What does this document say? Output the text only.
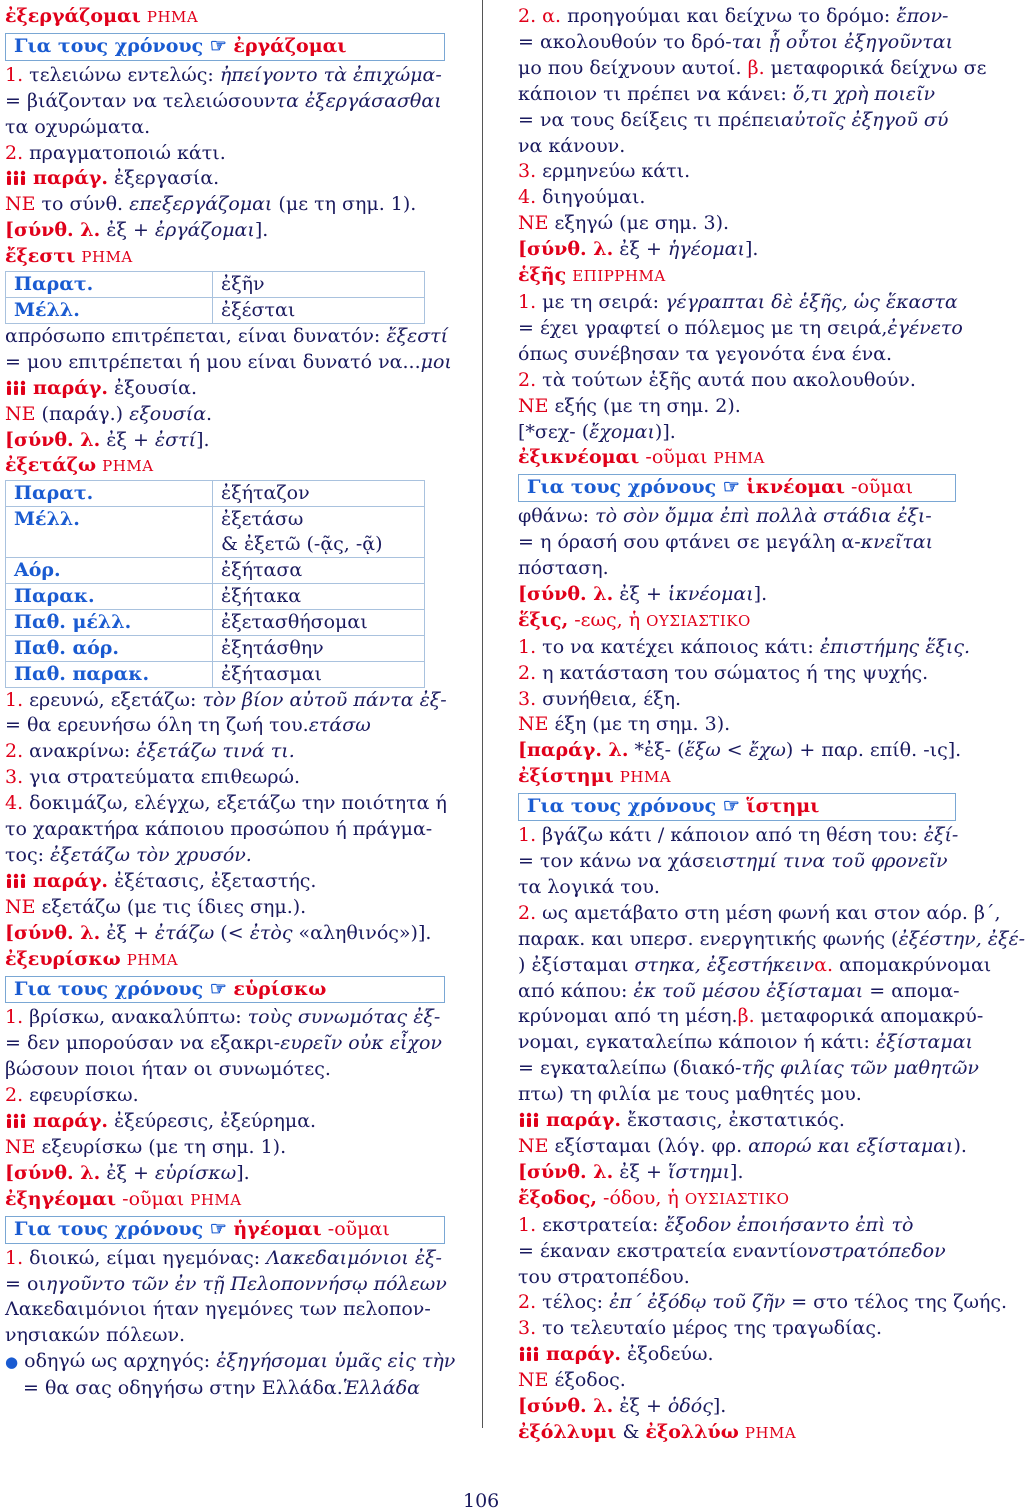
ἐξεργάζομαι ΡΗΜΑ
Για τους χρόνους ☞ ἐργάζομαι
1. τελειώνω εντελώς: ἠπείγοντο τὰ ἐπιχώμα-
= βιάζονταν να τελειώσουντα ἐξεργάσασθαι
τα οχυρώματα.
2. πραγματοποιώ κάτι.
παράγ. ἐξεργασία.
ΝΕ το σύνθ. επεξεργάζομαι (με τη σημ. 1).
[σύνθ. λ. ἐξ + ἐργάζομαι].
ἔξεστι ΡΗΜΑ
Παρατ.	ἐξῆν
Μέλλ.	ἐξέσται
απρόσωπο επιτρέπεται, είναι δυνατόν: ἔξεστί
= μου επιτρέπεται ή μου είναι δυνατό να...μοι
παράγ. ἐξουσία.
ΝΕ (παράγ.) εξουσία.
[σύνθ. λ. ἐξ + ἐστί].
ἐξετάζω ΡΗΜΑ
Παρατ.	ἐξήταζον
Μέλλ.	ἐξετάσω
& ἐξετῶ (-ᾷς, -ᾷ)
Αόρ.	ἐξήτασα
Παρακ.	ἐξήτακα
Παθ. μέλλ.	ἐξετασθήσομαι
Παθ. αόρ.	ἐξητάσθην
Παθ. παρακ.	ἐξήτασμαι
1. ερευνώ, εξετάζω: τὸν βίον αὐτοῦ πάντα ἐξ-
= θα ερευνήσω όλη τη ζωή του.ετάσω
2. ανακρίνω: ἐξετάζω τινά τι.
3. για στρατεύματα επιθεωρώ.
4. δοκιμάζω, ελέγχω, εξετάζω την ποιότητα ή
το χαρακτήρα κάποιου προσώπου ή πράγμα-
τος: ἐξετάζω τὸν χρυσόν.
παράγ. ἐξέτασις, ἐξεταστής.
ΝΕ εξετάζω (με τις ίδιες σημ.).
[σύνθ. λ. ἐξ + ἐτάζω (< ἐτὸς «αληθινός»)].
ἐξευρίσκω ΡΗΜΑ
Για τους χρόνους ☞ εὑρίσκω
1. βρίσκω, ανακαλύπτω: τοὺς συνωμότας ἐξ-
= δεν μπορούσαν να εξακρι-ευρεῖν οὐκ εἶχον
βώσουν ποιοι ήταν οι συνωμότες.
2. εφευρίσκω.
παράγ. ἐξεύρεσις, ἐξεύρημα.
ΝΕ εξευρίσκω (με τη σημ. 1).
[σύνθ. λ. ἐξ + εὑρίσκω].
ἐξηγέομαι -οῦμαι ΡΗΜΑ
Για τους χρόνους ☞ ἡγέομαι -οῦμαι
1. διοικώ, είμαι ηγεμόνας: Λακεδαιμόνιοι ἐξ-
= οιηγοῦντο τῶν ἐν τῇ Πελοποννήσῳ πόλεων
Λακεδαιμόνιοι ήταν ηγεμόνες των πελοπον-
νησιακών πόλεων.
● οδηγώ ως αρχηγός: ἐξηγήσομαι ὑμᾶς εἰς τὴν
= θα σας οδηγήσω στην Ελλάδα.Ἑλλάδα
2. α. προηγούμαι και δείχνω το δρόμο: ἔπον-
= ακολουθούν το δρό-ται ᾗ οὗτοι ἐξηγοῦνται
μο που δείχνουν αυτοί. β. μεταφορικά δείχνω σε
κάποιον τι πρέπει να κάνει: ὅ,τι χρὴ ποιεῖν
= να τους δείξεις τι πρέπειαὐτοῖς ἐξηγοῦ σύ
να κάνουν.
3. ερμηνεύω κάτι.
4. διηγούμαι.
ΝΕ εξηγώ (με σημ. 3).
[σύνθ. λ. ἐξ + ἡγέομαι].
ἑξῆς ΕΠΙΡΡΗΜΑ
1. με τη σειρά: γέγραπται δὲ ἑξῆς, ὡς ἕκαστα
= έχει γραφτεί ο πόλεμος με τη σειρά,ἐγένετο
όπως συνέβησαν τα γεγονότα ένα ένα.
2. τὰ τούτων ἑξῆς αυτά που ακολουθούν.
ΝΕ εξής (με τη σημ. 2).
[*σεχ- (ἔχομαι)].
ἐξικνέομαι -οῦμαι ΡΗΜΑ
Για τους χρόνους ☞ ἱκνέομαι -οῦμαι
φθάνω: τὸ σὸν ὄμμα ἐπὶ πολλὰ στάδια ἐξι-
= η όρασή σου φτάνει σε μεγάλη α-κνεῖται
πόσταση.
[σύνθ. λ. ἐξ + ἱκνέομαι].
ἕξις, -εως, ἡ ΟΥΣΙΑΣΤΙΚΟ
1. το να κατέχει κάποιος κάτι: ἐπιστήμης ἕξις.
2. η κατάσταση του σώματος ή της ψυχής.
3. συνήθεια, έξη.
ΝΕ έξη (με τη σημ. 3).
[παράγ. λ. *ἐξ- (ἕξω < ἔχω) + παρ. επίθ. -ις].
ἐξίστημι ΡΗΜΑ
Για τους χρόνους ☞ ἵστημι
1. βγάζω κάτι / κάποιον από τη θέση του: ἐξί-
= τον κάνω να χάσειστημί τινα τοῦ φρονεῖν
τα λογικά του.
2. ως αμετάβατο στη μέση φωνή και στον αόρ. β΄,
παρακ. και υπερσ. ενεργητικής φωνής (ἐξέστην, ἐξέ-
) ἐξίσταμαι στηκα, ἐξεστήκεινα. απομακρύνομαι
από κάπου: ἐκ τοῦ μέσου ἐξίσταμαι = απομα-
κρύνομαι από τη μέση.β. μεταφορικά απομακρύ-
νομαι, εγκαταλείπω κάποιον ή κάτι: ἐξίσταμαι
= εγκαταλείπω (διακό-τῆς φιλίας τῶν μαθητῶν
πτω) τη φιλία με τους μαθητές μου.
παράγ. ἔκστασις, ἐκστατικός.
ΝΕ εξίσταμαι (λόγ. φρ. απορώ και εξίσταμαι).
[σύνθ. λ. ἐξ + ἵστημι].
ἔξοδος, -όδου, ἡ ΟΥΣΙΑΣΤΙΚΟ
1. εκστρατεία: ἔξοδον ἐποιήσαντο ἐπὶ τὸ
= έκαναν εκστρατεία εναντίονστρατόπεδον
του στρατοπέδου.
2. τέλος: ἐπ΄ ἐξόδῳ τοῦ ζῆν = στο τέλος της ζωής.
3. το τελευταίο μέρος της τραγωδίας.
παράγ. ἐξοδεύω.
ΝΕ έξοδος.
[σύνθ. λ. ἐξ + ὁδός].
ἐξόλλυμι & ἐξολλύω ΡΗΜΑ
106
